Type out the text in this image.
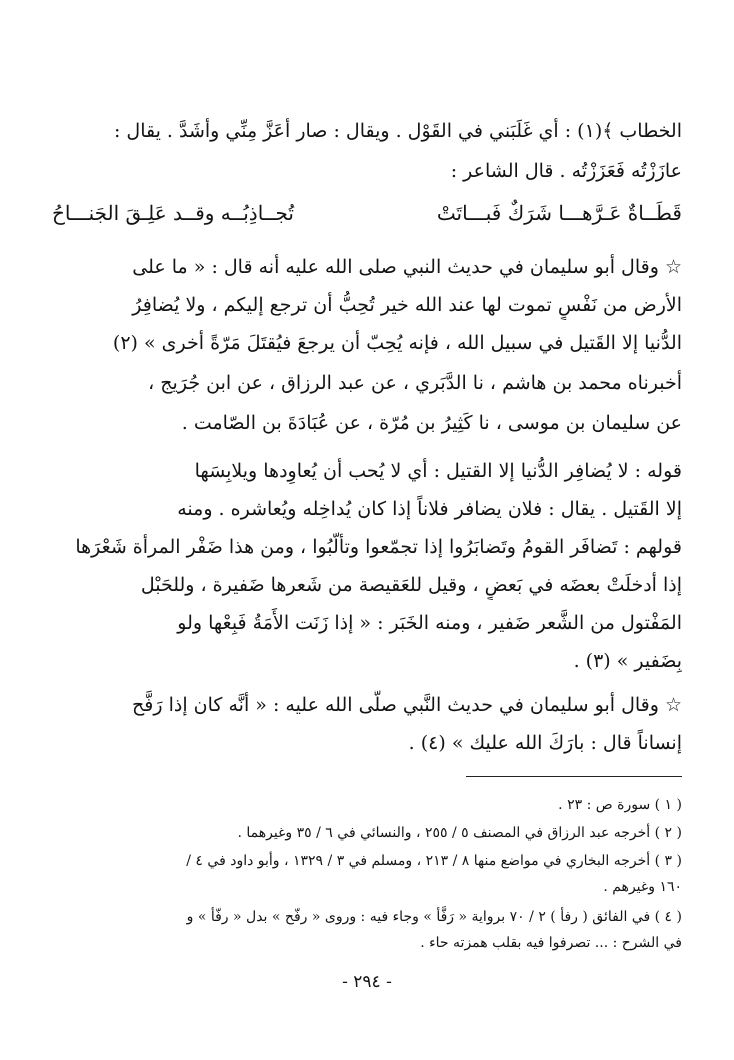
الخطاب ﴾(١) : أي غَلَبَني في القَوْل . ويقال : صار أعَزَّ مِنِّي وأشَدَّ . يقال :
عازَزْتُه فَعَزَزْتُه . قال الشاعر :
قَطَــاةٌ عَـرَّهـــا شَرَكٌ فَبـــاتَتْ
تُجــاذِبُــه وقــد عَلِـقَ الجَنـــاحُ
☆ وقال أبو سليمان في حديث النبي صلى الله عليه أنه قال : « ما على
الأرض من نَفْسٍ تموت لها عند الله خير تُحِبُّ أن ترجع إليكم ، ولا يُضافِرُ
الدُّنيا إلا القَتيل في سبيل الله ، فإنه يُحِبّ أن يرجعَ فيُقتَلَ مَرّةً أخرى » (٢)
أخبرناه محمد بن هاشم ، نا الدَّبَري ، عن عبد الرزاق ، عن ابن جُرَيج ،
عن سليمان بن موسى ، نا كَثِيرُ بن مُرّة ، عن عُبَادَةَ بن الصّامت .
قوله : لا يُضافِر الدُّنيا إلا القتيل : أي لا يُحب أن يُعاوِدها ويلابِسَها
إلا القَتيل . يقال : فلان يضافر فلاناً إذا كان يُداخِله ويُعاشره . ومنه
قولهم : تَضافَر القومُ وتَضابَرُوا إذا تجمّعوا وتألّبُوا ، ومن هذا ضَفْر المرأة شَعْرَها
إذا أدخلَتْ بعضَه في بَعضٍ ، وقيل للعَقيصة من شَعرها ضَفيرة ، وللحَبْل
المَفْتول من الشَّعر ضَفير ، ومنه الخَبَر : « إذا زَنَت الأَمَةُ فَبِعْها ولو
بِضَفير » (٣) .
☆ وقال أبو سليمان في حديث النَّبي صلَّى الله عليه : « أنَّه كان إذا رَفَّح
إنساناً قال : بارَكَ الله عليك » (٤) .
( ١ ) سورة ص : ٢٣ .
( ٢ ) أخرجه عبد الرزاق في المصنف ٥ / ٢٥٥ ، والنسائي في ٦ / ٣٥ وغيرهما .
( ٣ ) أخرجه البخاري في مواضع منها ٨ / ٢١٣ ، ومسلم في ٣ / ١٣٢٩ ، وأبو داود في ٤ /
١٦٠ وغيرهم .
( ٤ ) في الفائق ( رفأ ) ٢ / ٧٠ برواية « رَفَّأ » وجاء فيه : وروى « رفّح » بدل « رفّأ » و
في الشرح : ... تصرفوا فيه بقلب همزته حاء .
- ٢٩٤ -
